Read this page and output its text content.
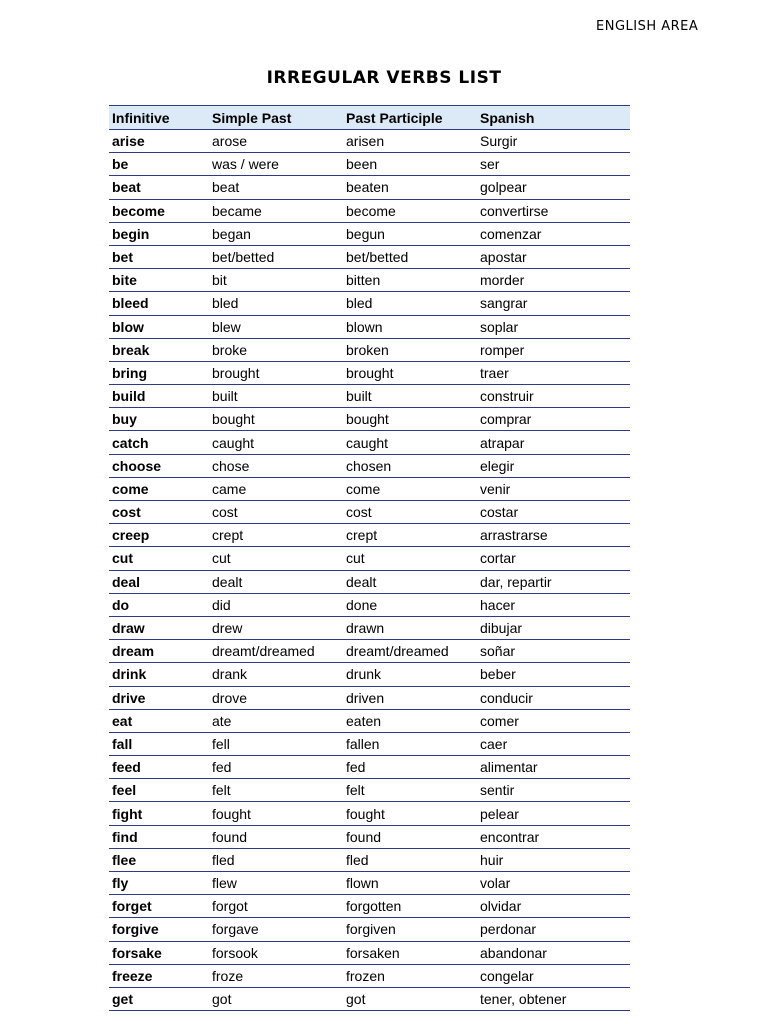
ENGLISH AREA
IRREGULAR VERBS LIST
Infinitive	Simple Past	Past Participle	Spanish
arise	arose	arisen	Surgir
be	was / were	been	ser
beat	beat	beaten	golpear
become	became	become	convertirse
begin	began	begun	comenzar
bet	bet/betted	bet/betted	apostar
bite	bit	bitten	morder
bleed	bled	bled	sangrar
blow	blew	blown	soplar
break	broke	broken	romper
bring	brought	brought	traer
build	built	built	construir
buy	bought	bought	comprar
catch	caught	caught	atrapar
choose	chose	chosen	elegir
come	came	come	venir
cost	cost	cost	costar
creep	crept	crept	arrastrarse
cut	cut	cut	cortar
deal	dealt	dealt	dar, repartir
do	did	done	hacer
draw	drew	drawn	dibujar
dream	dreamt/dreamed	dreamt/dreamed	soñar
drink	drank	drunk	beber
drive	drove	driven	conducir
eat	ate	eaten	comer
fall	fell	fallen	caer
feed	fed	fed	alimentar
feel	felt	felt	sentir
fight	fought	fought	pelear
find	found	found	encontrar
flee	fled	fled	huir
fly	flew	flown	volar
forget	forgot	forgotten	olvidar
forgive	forgave	forgiven	perdonar
forsake	forsook	forsaken	abandonar
freeze	froze	frozen	congelar
get	got	got	tener, obtener
